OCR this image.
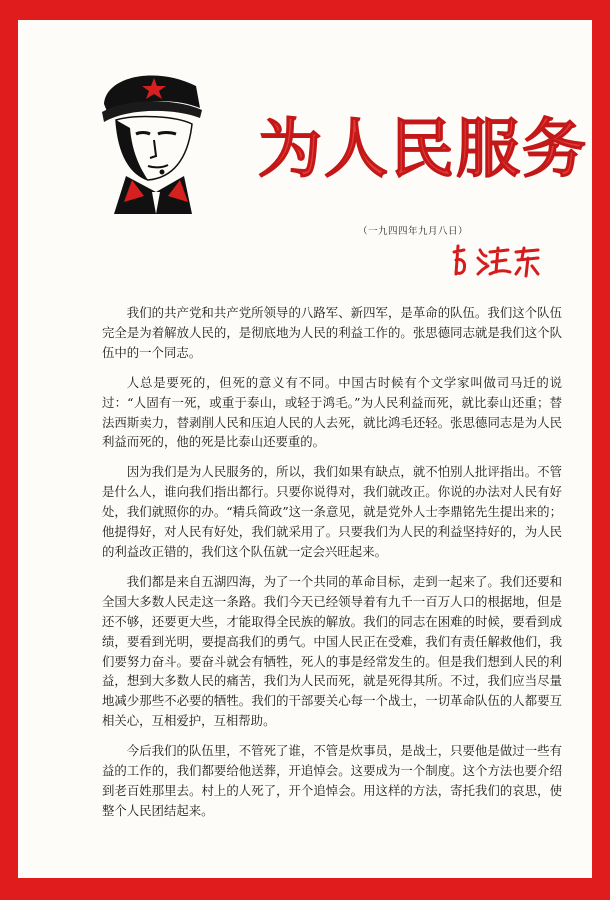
为人民服务
（一九四四年九月八日）

我们的共产党和共产党所领导的八路军、新四军，是革命的队伍。我们这个队伍完全是为着解放人民的，是彻底地为人民的利益工作的。张思德同志就是我们这个队伍中的一个同志。

人总是要死的，但死的意义有不同。中国古时候有个文学家叫做司马迁的说过：“人固有一死，或重于泰山，或轻于鸿毛。”为人民利益而死，就比泰山还重；替法西斯卖力，替剥削人民和压迫人民的人去死，就比鸿毛还轻。张思德同志是为人民利益而死的，他的死是比泰山还要重的。

因为我们是为人民服务的，所以，我们如果有缺点，就不怕别人批评指出。不管是什么人，谁向我们指出都行。只要你说得对，我们就改正。你说的办法对人民有好处，我们就照你的办。“精兵简政”这一条意见，就是党外人士李鼎铭先生提出来的；他提得好，对人民有好处，我们就采用了。只要我们为人民的利益坚持好的，为人民的利益改正错的，我们这个队伍就一定会兴旺起来。

我们都是来自五湖四海，为了一个共同的革命目标，走到一起来了。我们还要和全国大多数人民走这一条路。我们今天已经领导着有九千一百万人口的根据地，但是还不够，还要更大些，才能取得全民族的解放。我们的同志在困难的时候，要看到成绩，要看到光明，要提高我们的勇气。中国人民正在受难，我们有责任解救他们，我们要努力奋斗。要奋斗就会有牺牲，死人的事是经常发生的。但是我们想到人民的利益，想到大多数人民的痛苦，我们为人民而死，就是死得其所。不过，我们应当尽量地减少那些不必要的牺牲。我们的干部要关心每一个战士，一切革命队伍的人都要互相关心，互相爱护，互相帮助。

今后我们的队伍里，不管死了谁，不管是炊事员，是战士，只要他是做过一些有益的工作的，我们都要给他送葬，开追悼会。这要成为一个制度。这个方法也要介绍到老百姓那里去。村上的人死了，开个追悼会。用这样的方法，寄托我们的哀思，使整个人民团结起来。
